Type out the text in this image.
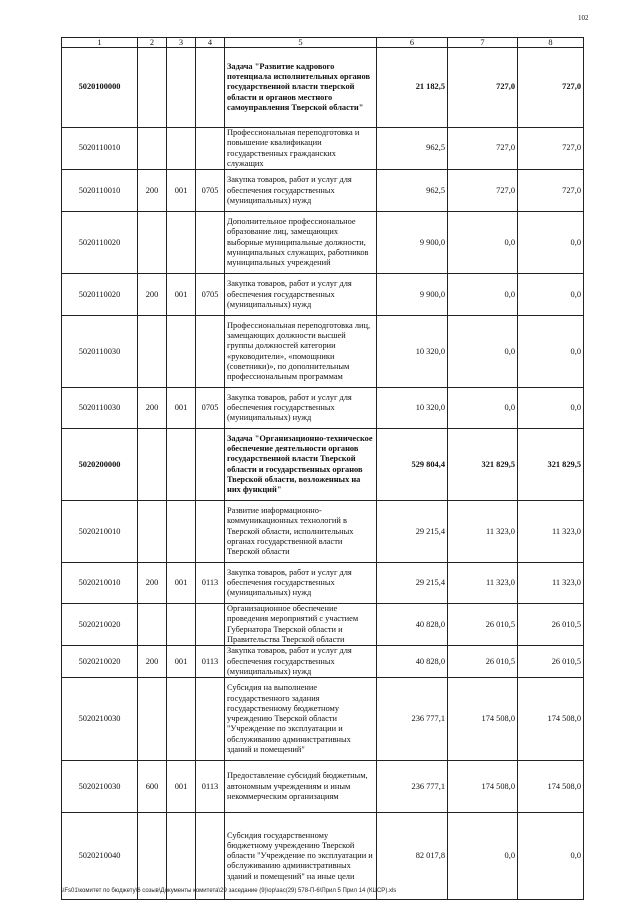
102
1	2	3	4	5	6	7	8
5020100000				Задача "Развитие кадрового потенциала исполнительных органов государственной власти тверской области и органов местного самоуправления Тверской области"	21 182,5	727,0	727,0
5020110010				Профессиональная переподготовка и повышение квалификации государственных гражданских служащих	962,5	727,0	727,0
5020110010	200	001	0705	Закупка товаров, работ и услуг для обеспечения государственных (муниципальных) нужд	962,5	727,0	727,0
5020110020				Дополнительное профессиональное образование лиц, замещающих выборные муниципальные должности, муниципальных служащих, работников муниципальных учреждений	9 900,0	0,0	0,0
5020110020	200	001	0705	Закупка товаров, работ и услуг для обеспечения государственных (муниципальных) нужд	9 900,0	0,0	0,0
5020110030				Профессиональная переподготовка лиц, замещающих должности высшей группы должностей категории «руководители», «помощники (советники)», по дополнительным профессиональным программам	10 320,0	0,0	0,0
5020110030	200	001	0705	Закупка товаров, работ и услуг для обеспечения государственных (муниципальных) нужд	10 320,0	0,0	0,0
5020200000				Задача "Организационно-техническое обеспечение деятельности органов государственной власти Тверской области и государственных органов Тверской области, возложенных на них функций"	529 804,4	321 829,5	321 829,5
5020210010				Развитие информационно-коммуникационных технологий в Тверской области, исполнительных органах государственной власти Тверской области	29 215,4	11 323,0	11 323,0
5020210010	200	001	0113	Закупка товаров, работ и услуг для обеспечения государственных (муниципальных) нужд	29 215,4	11 323,0	11 323,0
5020210020				Организационное обеспечение проведения мероприятий с участием Губернатора Тверской области и Правительства Тверской области	40 828,0	26 010,5	26 010,5
5020210020	200	001	0113	Закупка товаров, работ и услуг для обеспечения государственных (муниципальных) нужд	40 828,0	26 010,5	26 010,5
5020210030				Субсидия на выполнение государственного задания государственному бюджетному учреждению Тверской области "Учреждение по эксплуатации и обслуживанию административных зданий и помещений"	236 777,1	174 508,0	174 508,0
5020210030	600	001	0113	Предоставление субсидий бюджетным, автономным учреждениям и иным некоммерческим организациям	236 777,1	174 508,0	174 508,0
5020210040				Субсидия государственному бюджетному учреждению Тверской области "Учреждение по эксплуатации и обслуживанию административных зданий и помещений" на иные цели	82 017,8	0,0	0,0
\\Fs01\комитет по бюджету\6 созыв\Документы комитета\29 заседание (9)\ор\зас(29) 578-П-6\Прил 5 Прил 14 (КЦСР).xls
